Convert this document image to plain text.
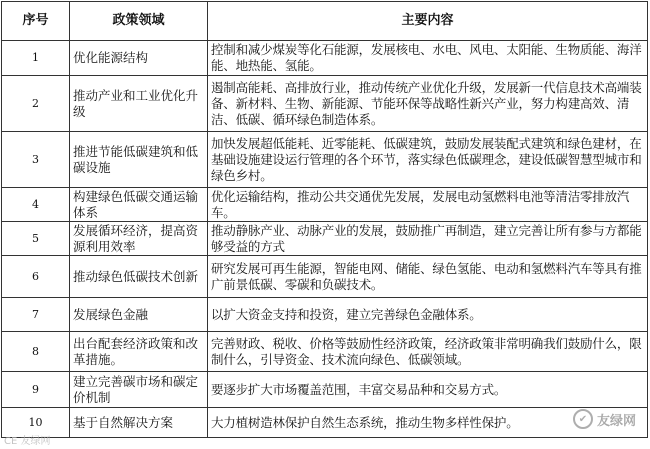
序号	政策领域	主要内容
1	优化能源结构	控制和减少煤炭等化石能源，发展核电、水电、风电、太阳能、生物质能、海洋能、地热能、氢能。
2	推动产业和工业优化升级	遏制高能耗、高排放行业，推动传统产业优化升级，发展新一代信息技术高端装备、新材料、生物、新能源、节能环保等战略性新兴产业，努力构建高效、清洁、低碳、循环绿色制造体系。
3	推进节能低碳建筑和低碳设施	加快发展超低能耗、近零能耗、低碳建筑，鼓励发展装配式建筑和绿色建材，在基础设施建设运行管理的各个环节，落实绿色低碳理念，建设低碳智慧型城市和绿色乡村。
4	构建绿色低碳交通运输体系	优化运输结构，推动公共交通优先发展，发展电动氢燃料电池等清洁零排放汽车。
5	发展循环经济，提高资源利用效率	推动静脉产业、动脉产业的发展，鼓励推广再制造，建立完善让所有参与方都能够受益的方式
6	推动绿色低碳技术创新	研究发展可再生能源，智能电网、储能、绿色氢能、电动和氢燃料汽车等具有推广前景低碳、零碳和负碳技术。
7	发展绿色金融	以扩大资金支持和投资，建立完善绿色金融体系。
8	出台配套经济政策和改革措施。	完善财政、税收、价格等鼓励性经济政策，经济政策非常明确我们鼓励什么，限制什么，引导资金、技术流向绿色、低碳领域。
9	建立完善碳市场和碳定价机制	要逐步扩大市场覆盖范围，丰富交易品种和交易方式。
10	基于自然解决方案	大力植树造林保护自然生态系统，推动生物多样性保护。	✔ 友绿网
CE 友绿网
